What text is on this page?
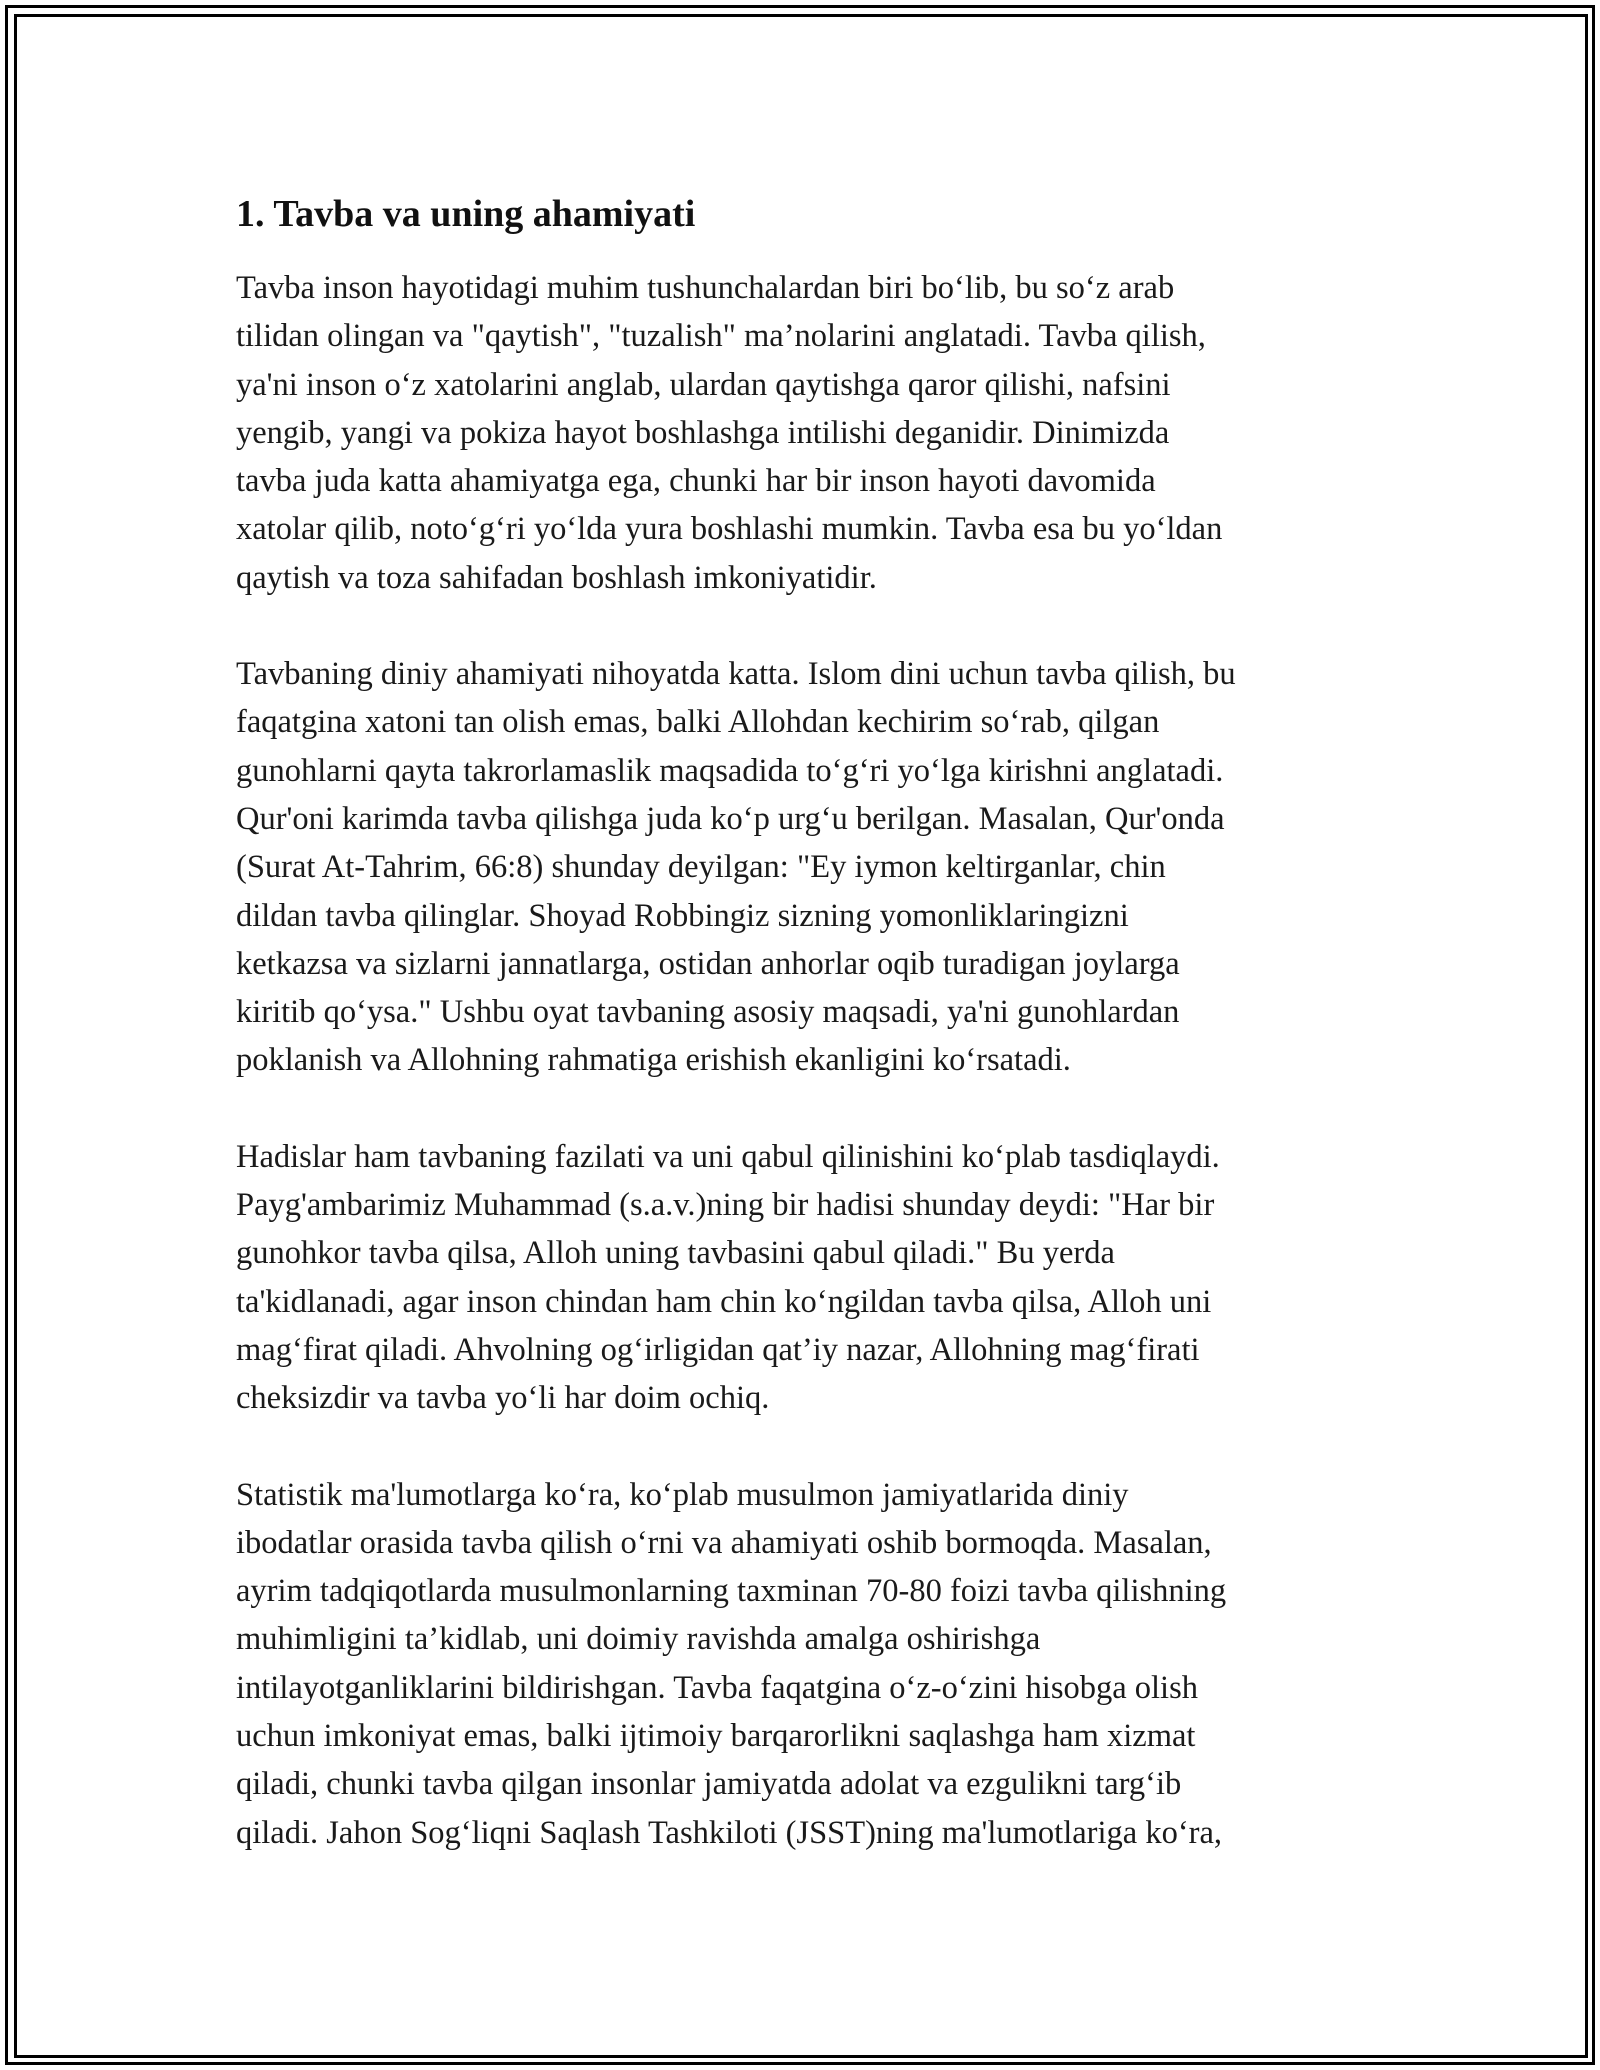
1. Tavba va uning ahamiyati

Tavba inson hayotidagi muhim tushunchalardan biri bo‘lib, bu so‘z arab
tilidan olingan va "qaytish", "tuzalish" ma’nolarini anglatadi. Tavba qilish,
ya'ni inson o‘z xatolarini anglab, ulardan qaytishga qaror qilishi, nafsini
yengib, yangi va pokiza hayot boshlashga intilishi deganidir. Dinimizda
tavba juda katta ahamiyatga ega, chunki har bir inson hayoti davomida
xatolar qilib, noto‘g‘ri yo‘lda yura boshlashi mumkin. Tavba esa bu yo‘ldan
qaytish va toza sahifadan boshlash imkoniyatidir.

Tavbaning diniy ahamiyati nihoyatda katta. Islom dini uchun tavba qilish, bu
faqatgina xatoni tan olish emas, balki Allohdan kechirim so‘rab, qilgan
gunohlarni qayta takrorlamaslik maqsadida to‘g‘ri yo‘lga kirishni anglatadi.
Qur'oni karimda tavba qilishga juda ko‘p urg‘u berilgan. Masalan, Qur'onda
(Surat At-Tahrim, 66:8) shunday deyilgan: "Ey iymon keltirganlar, chin
dildan tavba qilinglar. Shoyad Robbingiz sizning yomonliklaringizni
ketkazsa va sizlarni jannatlarga, ostidan anhorlar oqib turadigan joylarga
kiritib qo‘ysa." Ushbu oyat tavbaning asosiy maqsadi, ya'ni gunohlardan
poklanish va Allohning rahmatiga erishish ekanligini ko‘rsatadi.

Hadislar ham tavbaning fazilati va uni qabul qilinishini ko‘plab tasdiqlaydi.
Payg'ambarimiz Muhammad (s.a.v.)ning bir hadisi shunday deydi: "Har bir
gunohkor tavba qilsa, Alloh uning tavbasini qabul qiladi." Bu yerda
ta'kidlanadi, agar inson chindan ham chin ko‘ngildan tavba qilsa, Alloh uni
mag‘firat qiladi. Ahvolning og‘irligidan qat’iy nazar, Allohning mag‘firati
cheksizdir va tavba yo‘li har doim ochiq.

Statistik ma'lumotlarga ko‘ra, ko‘plab musulmon jamiyatlarida diniy
ibodatlar orasida tavba qilish o‘rni va ahamiyati oshib bormoqda. Masalan,
ayrim tadqiqotlarda musulmonlarning taxminan 70-80 foizi tavba qilishning
muhimligini ta’kidlab, uni doimiy ravishda amalga oshirishga
intilayotganliklarini bildirishgan. Tavba faqatgina o‘z-o‘zini hisobga olish
uchun imkoniyat emas, balki ijtimoiy barqarorlikni saqlashga ham xizmat
qiladi, chunki tavba qilgan insonlar jamiyatda adolat va ezgulikni targ‘ib
qiladi. Jahon Sog‘liqni Saqlash Tashkiloti (JSST)ning ma'lumotlariga ko‘ra,
